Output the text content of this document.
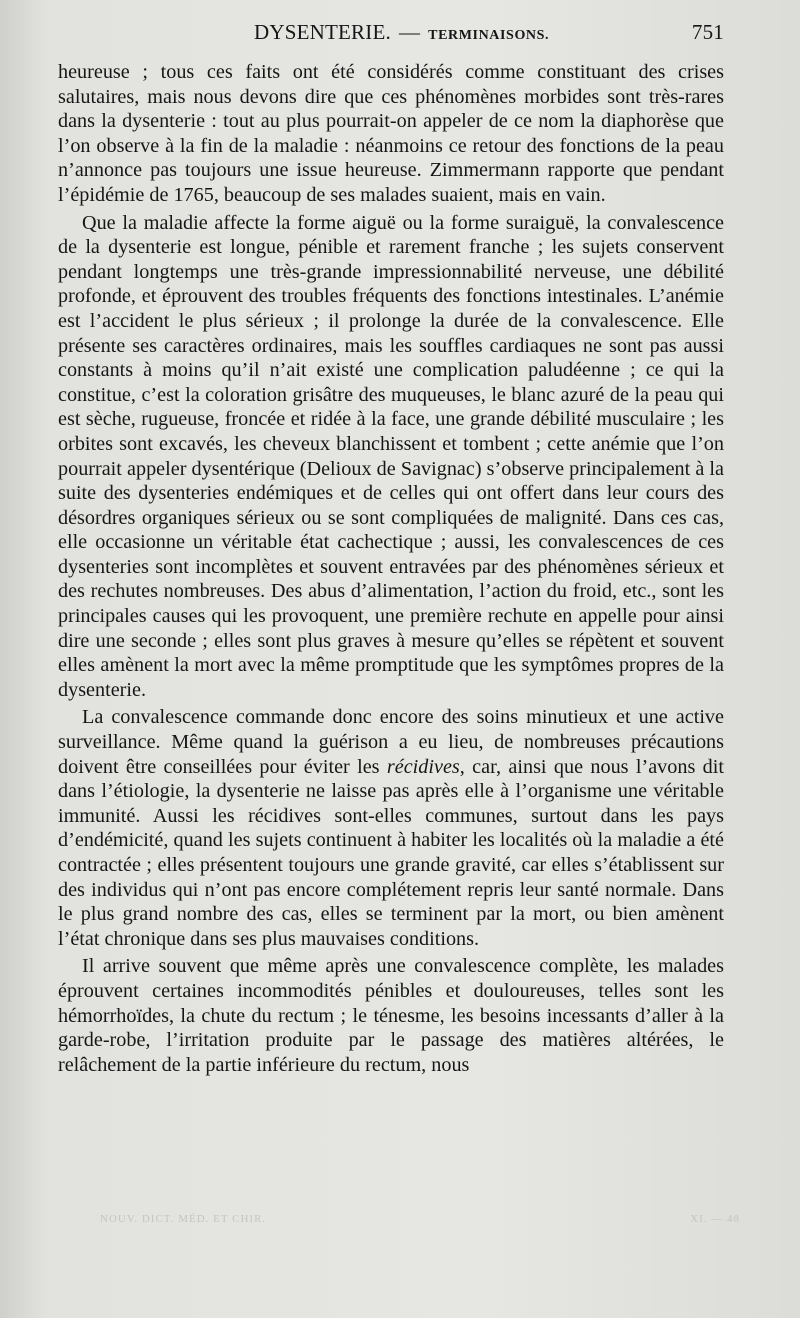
DYSENTERIE. — TERMINAISONS.	751

heureuse ; tous ces faits ont été considérés comme constituant des crises salutaires, mais nous devons dire que ces phénomènes morbides sont très-rares dans la dysenterie : tout au plus pourrait-on appeler de ce nom la diaphorèse que l’on observe à la fin de la maladie : néanmoins ce retour des fonctions de la peau n’annonce pas toujours une issue heureuse. Zimmermann rapporte que pendant l’épidémie de 1765, beaucoup de ses malades suaient, mais en vain.

Que la maladie affecte la forme aiguë ou la forme suraiguë, la convalescence de la dysenterie est longue, pénible et rarement franche ; les sujets conservent pendant longtemps une très-grande impressionnabilité nerveuse, une débilité profonde, et éprouvent des troubles fréquents des fonctions intestinales. L’anémie est l’accident le plus sérieux ; il prolonge la durée de la convalescence. Elle présente ses caractères ordinaires, mais les souffles cardiaques ne sont pas aussi constants à moins qu’il n’ait existé une complication paludéenne ; ce qui la constitue, c’est la coloration grisâtre des muqueuses, le blanc azuré de la peau qui est sèche, rugueuse, froncée et ridée à la face, une grande débilité musculaire ; les orbites sont excavés, les cheveux blanchissent et tombent ; cette anémie que l’on pourrait appeler dysentérique (Delioux de Savignac) s’observe principalement à la suite des dysenteries endémiques et de celles qui ont offert dans leur cours des désordres organiques sérieux ou se sont compliquées de malignité. Dans ces cas, elle occasionne un véritable état cachectique ; aussi, les convalescences de ces dysenteries sont incomplètes et souvent entravées par des phénomènes sérieux et des rechutes nombreuses. Des abus d’alimentation, l’action du froid, etc., sont les principales causes qui les provoquent, une première rechute en appelle pour ainsi dire une seconde ; elles sont plus graves à mesure qu’elles se répètent et souvent elles amènent la mort avec la même promptitude que les symptômes propres de la dysenterie.

La convalescence commande donc encore des soins minutieux et une active surveillance. Même quand la guérison a eu lieu, de nombreuses précautions doivent être conseillées pour éviter les récidives, car, ainsi que nous l’avons dit dans l’étiologie, la dysenterie ne laisse pas après elle à l’organisme une véritable immunité. Aussi les récidives sont-elles communes, surtout dans les pays d’endémicité, quand les sujets continuent à habiter les localités où la maladie a été contractée ; elles présentent toujours une grande gravité, car elles s’établissent sur des individus qui n’ont pas encore complétement repris leur santé normale. Dans le plus grand nombre des cas, elles se terminent par la mort, ou bien amènent l’état chronique dans ses plus mauvaises conditions.

Il arrive souvent que même après une convalescence complète, les malades éprouvent certaines incommodités pénibles et douloureuses, telles sont les hémorrhoïdes, la chute du rectum ; le ténesme, les besoins incessants d’aller à la garde-robe, l’irritation produite par le passage des matières altérées, le relâchement de la partie inférieure du rectum, nous

NOUV. DICT. MÉD. ET CHIR.	XI. — 48
